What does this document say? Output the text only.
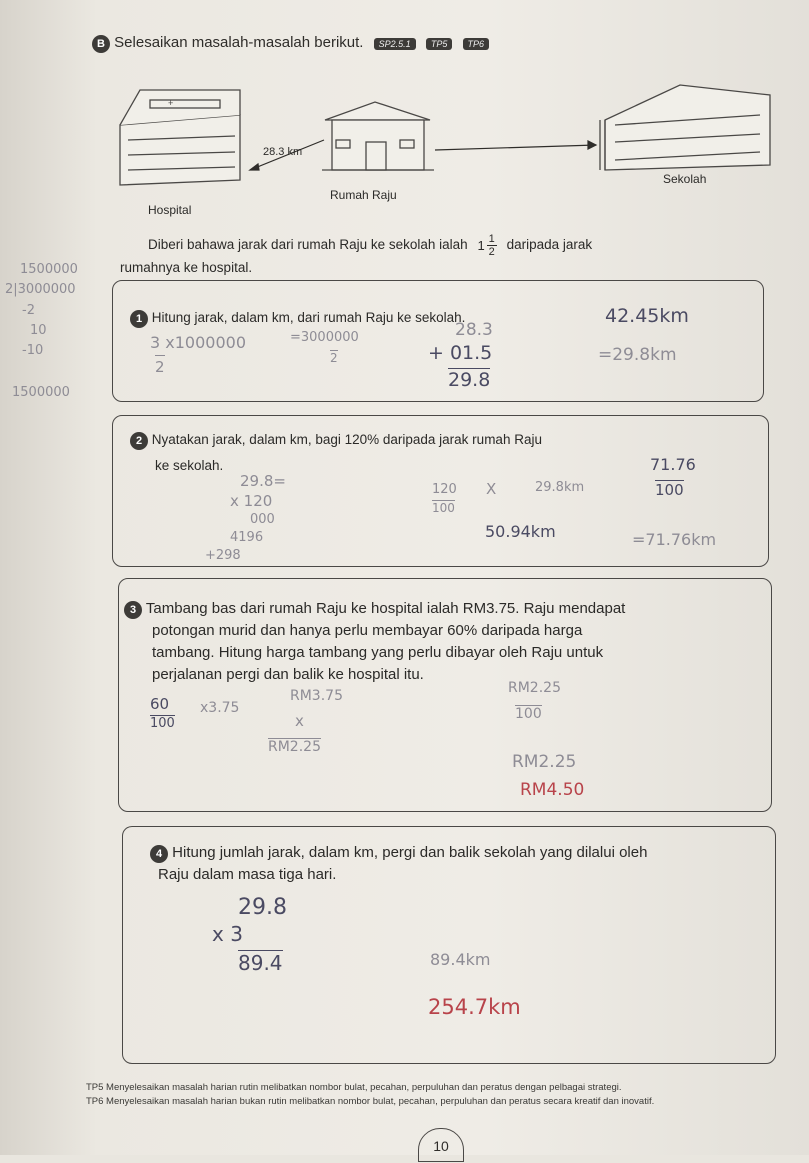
B Selesaikan masalah-masalah berikut. SP2.5.1 TP5 TP6
+
28.3 km
Hospital
Rumah Raju
Sekolah
Diberi bahawa jarak dari rumah Raju ke sekolah ialah $1 \frac{1}{2}$ daripada jarak
rumahnya ke hospital.
1 Hitung jarak, dalam km, dari rumah Raju ke sekolah.
2 Nyatakan jarak, dalam km, bagi 120% daripada jarak rumah Raju
ke sekolah.
3 Tambang bas dari rumah Raju ke hospital ialah RM3.75. Raju mendapat
potongan murid dan hanya perlu membayar 60% daripada harga
tambang. Hitung harga tambang yang perlu dibayar oleh Raju untuk
perjalanan pergi dan balik ke hospital itu.
4 Hitung jumlah jarak, dalam km, pergi dan balik sekolah yang dilalui oleh
Raju dalam masa tiga hari.
1500000
2|3000000
-2
10
-10
1500000
42.45km
3 x1000000
2
=3000000
2
28.3
+ 01.5
29.8
=29.8km
29.8=
x 120
000
4196
+298
120
100
X	29.8km
50.94km
71.76
100
=71.76km
60
100
x3.75
RM3.75
x
RM2.25
RM2.25
100
RM2.25
RM4.50
29.8
x 3
89.4	89.4km
254.7km
TP5 Menyelesaikan masalah harian rutin melibatkan nombor bulat, pecahan, perpuluhan dan peratus dengan pelbagai strategi.
TP6 Menyelesaikan masalah harian bukan rutin melibatkan nombor bulat, pecahan, perpuluhan dan peratus secara kreatif dan inovatif.
10
